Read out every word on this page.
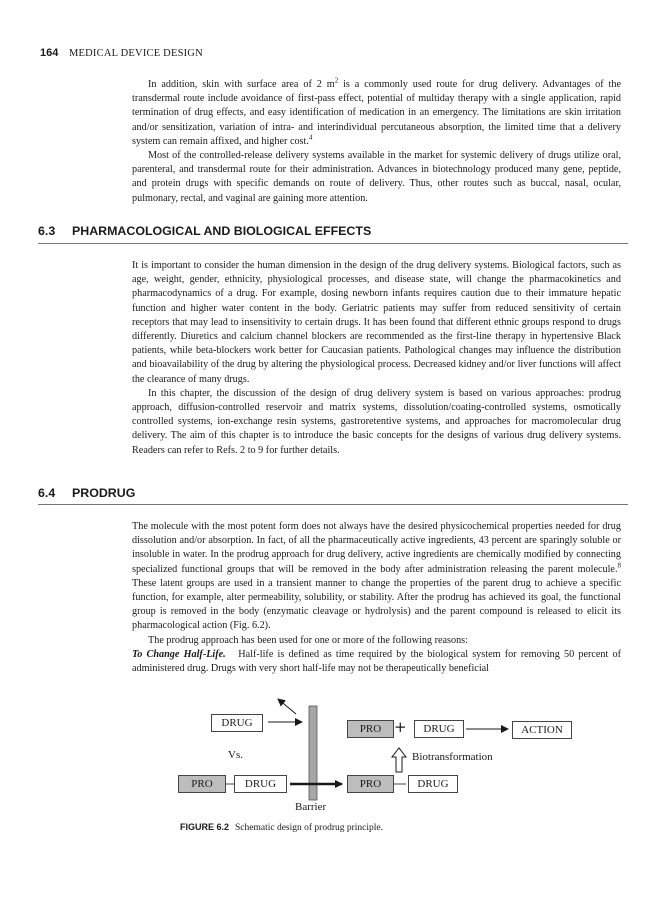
164 MEDICAL DEVICE DESIGN

In addition, skin with surface area of 2 $m^2$ is a commonly used route for drug delivery. Advantages of the transdermal route include avoidance of first-pass effect, potential of multiday therapy with a single application, rapid termination of drug effects, and easy identification of medication in an emergency. The limitations are skin irritation and/or sensitization, variation of intra- and interindividual percutaneous absorption, the limited time that a delivery system can remain affixed, and higher cost.$^4$

Most of the controlled-release delivery systems available in the market for systemic delivery of drugs utilize oral, parenteral, and transdermal route for their administration. Advances in biotechnology produced many gene, peptide, and protein drugs with specific demands on route of delivery. Thus, other routes such as buccal, nasal, ocular, pulmonary, rectal, and vaginal are gaining more attention.

6.3 PHARMACOLOGICAL AND BIOLOGICAL EFFECTS

It is important to consider the human dimension in the design of the drug delivery systems. Biological factors, such as age, weight, gender, ethnicity, physiological processes, and disease state, will change the pharmacokinetics and pharmacodynamics of a drug. For example, dosing newborn infants requires caution due to their immature hepatic function and higher water content in the body. Geriatric patients may suffer from reduced sensitivity of certain receptors that may lead to insensitivity to certain drugs. It has been found that different ethnic groups respond to drugs differently. Diuretics and calcium channel blockers are recommended as the first-line therapy in hypertensive Black patients, while beta-blockers work better for Caucasian patients. Pathological changes may influence the distribution and bioavailability of the drug by altering the physiological process. Decreased kidney and/or liver functions will affect the clearance of many drugs.

In this chapter, the discussion of the design of drug delivery system is based on various approaches: prodrug approach, diffusion-controlled reservoir and matrix systems, dissolution/coating-controlled systems, osmotically controlled systems, ion-exchange resin systems, gastroretentive systems, and approaches for macromolecular drug delivery. The aim of this chapter is to introduce the basic concepts for the designs of various drug delivery systems. Readers can refer to Refs. 2 to 9 for further details.

6.4 PRODRUG

The molecule with the most potent form does not always have the desired physicochemical properties needed for drug dissolution and/or absorption. In fact, of all the pharmaceutically active ingredients, 43 percent are sparingly soluble or insoluble in water. In the prodrug approach for drug delivery, active ingredients are chemically modified by connecting specialized functional groups that will be removed in the body after administration releasing the parent molecule.$^8$ These latent groups are used in a transient manner to change the properties of the parent drug to achieve a specific function, for example, alter permeability, solubility, or stability. After the prodrug has achieved its goal, the functional group is removed in the body (enzymatic cleavage or hydrolysis) and the parent compound is released to elicit its pharmacological action (Fig. 6.2).

The prodrug approach has been used for one or more of the following reasons:

To Change Half-Life. Half-life is defined as time required by the biological system for removing 50 percent of administered drug. Drugs with very short half-life may not be therapeutically beneficial

DRUG
Vs.
PRO	DRUG
Barrier
PRO +	DRUG	ACTION
Biotransformation
PRO	DRUG
FIGURE 6.2 Schematic design of prodrug principle.
